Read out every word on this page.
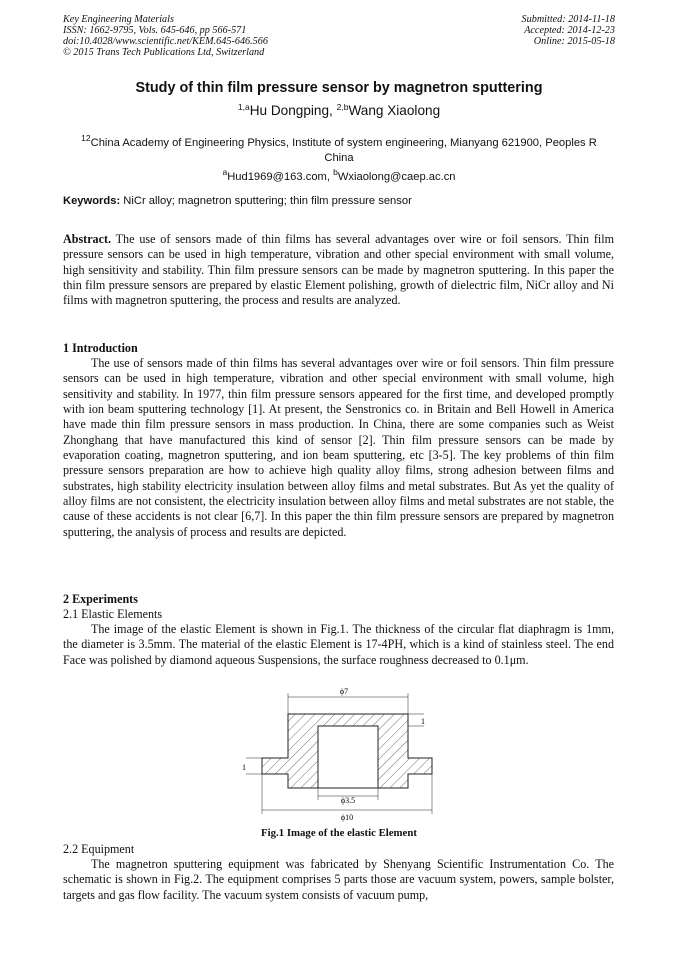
Key Engineering Materials
ISSN: 1662-9795, Vols. 645-646, pp 566-571
doi:10.4028/www.scientific.net/KEM.645-646.566
© 2015 Trans Tech Publications Ltd, Switzerland
Submitted: 2014-11-18
Accepted: 2014-12-23
Online: 2015-05-18
Study of thin film pressure sensor by magnetron sputtering
$^{1,a}$Hu Dongping, $^{2,b}$Wang Xiaolong
$^{12}$China Academy of Engineering Physics, Institute of system engineering, Mianyang 621900, Peoples R China
$^a$Hud1969@163.com, $^b$Wxiaolong@caep.ac.cn
Keywords: NiCr alloy; magnetron sputtering; thin film pressure sensor
Abstract. The use of sensors made of thin films has several advantages over wire or foil sensors. Thin film pressure sensors can be used in high temperature, vibration and other special environment with small volume, high sensitivity and stability. Thin film pressure sensors can be made by magnetron sputtering. In this paper the thin film pressure sensors are prepared by elastic Element polishing, growth of dielectric film, NiCr alloy and Ni films with magnetron sputtering, the process and results are analyzed.
1 Introduction
The use of sensors made of thin films has several advantages over wire or foil sensors. Thin film pressure sensors can be used in high temperature, vibration and other special environment with small volume, high sensitivity and stability. In 1977, thin film pressure sensors appeared for the first time, and developed promptly with ion beam sputtering technology [1]. At present, the Senstronics co. in Britain and Bell Howell in America have made thin film pressure sensors in mass production. In China, there are some companies such as Weist Zhonghang that have manufactured this kind of sensor [2]. Thin film pressure sensors can be made by evaporation coating, magnetron sputtering, and ion beam sputtering, etc [3-5]. The key problems of thin film pressure sensors preparation are how to achieve high quality alloy films, strong adhesion between films and substrates, high stability electricity insulation between alloy films and metal substrates. But As yet the quality of alloy films are not consistent, the electricity insulation between alloy films and metal substrates are not stable, the cause of these accidents is not clear [6,7]. In this paper the thin film pressure sensors are prepared by magnetron sputtering, the analysis of process and results are depicted.
2 Experiments
2.1 Elastic Elements
The image of the elastic Element is shown in Fig.1. The thickness of the circular flat diaphragm is 1mm, the diameter is 3.5mm. The material of the elastic Element is 17-4PH, which is a kind of stainless steel. The end Face was polished by diamond aqueous Suspensions, the surface roughness decreased to 0.1μm.
ϕ7
1
1
ϕ3.5
ϕ10
Fig.1 Image of the elastic Element
2.2 Equipment
The magnetron sputtering equipment was fabricated by Shenyang Scientific Instrumentation Co. The schematic is shown in Fig.2. The equipment comprises 5 parts those are vacuum system, powers, sample bolster, targets and gas flow facility. The vacuum system consists of vacuum pump,
